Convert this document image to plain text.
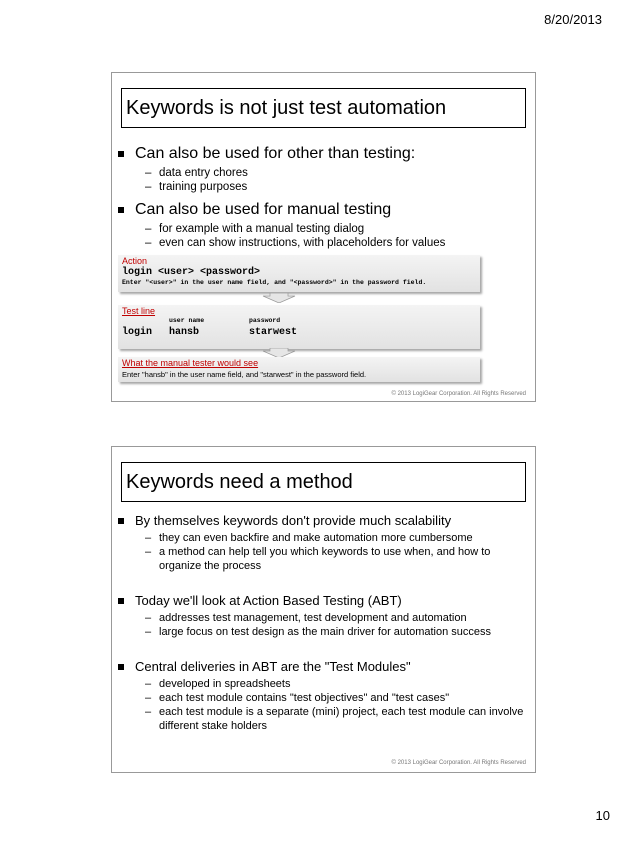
8/20/2013
Keywords is not just test automation
Can also be used for other than testing:
– data entry chores
– training purposes
Can also be used for manual testing
– for example with a manual testing dialog
– even can show instructions, with placeholders for values
Action
login <user> <password>
Enter "<user>" in the user name field, and "<password>" in the password field.
Test line
user name	password
login hansb	starwest
What the manual tester would see
Enter "hansb" in the user name field, and "starwest" in the password field.
© 2013 LogiGear Corporation. All Rights Reserved
Keywords need a method
By themselves keywords don't provide much scalability
– they can even backfire and make automation more cumbersome
– a method can help tell you which keywords to use when, and how to organize the process
Today we'll look at Action Based Testing (ABT)
– addresses test management, test development and automation
– large focus on test design as the main driver for automation success
Central deliveries in ABT are the "Test Modules"
– developed in spreadsheets
– each test module contains "test objectives" and "test cases"
– each test module is a separate (mini) project, each test module can involve different stake holders
© 2013 LogiGear Corporation. All Rights Reserved
10
